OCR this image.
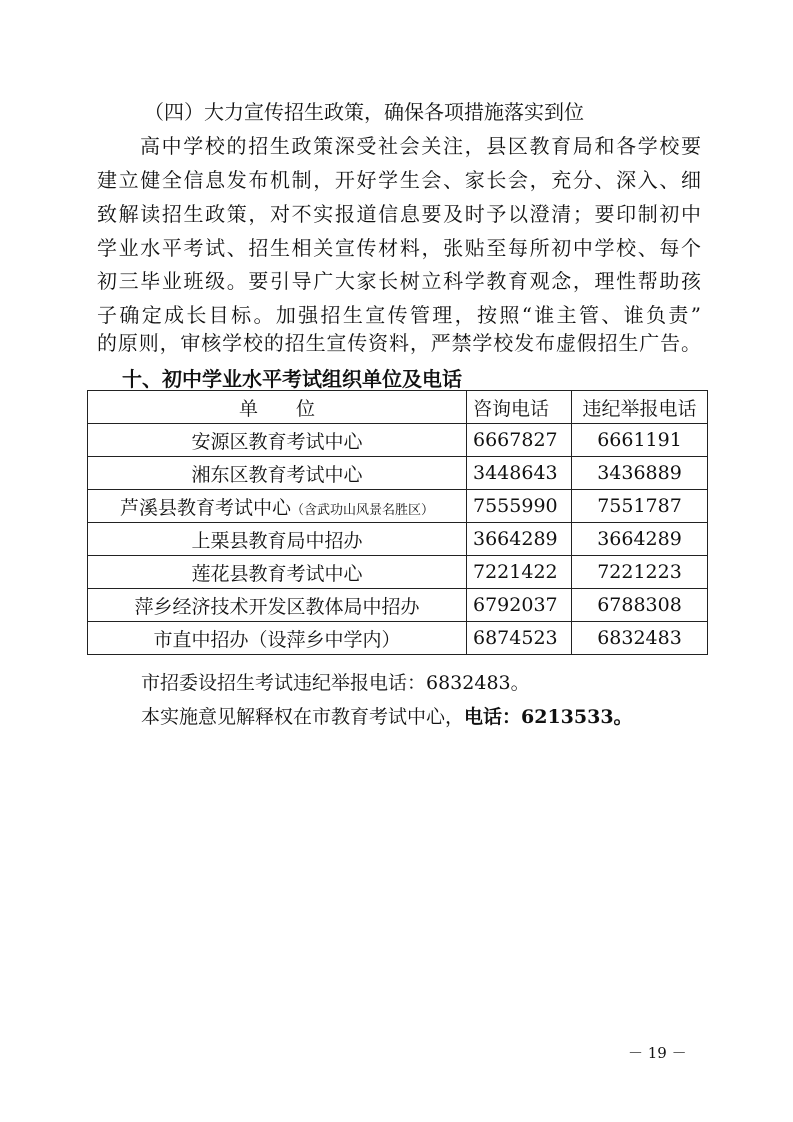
（四）大力宣传招生政策，确保各项措施落实到位
高中学校的招生政策深受社会关注，县区教育局和各学校要
建立健全信息发布机制，开好学生会、家长会，充分、深入、细
致解读招生政策，对不实报道信息要及时予以澄清；要印制初中
学业水平考试、招生相关宣传材料，张贴至每所初中学校、每个
初三毕业班级。要引导广大家长树立科学教育观念，理性帮助孩
子确定成长目标。加强招生宣传管理，按照“谁主管、谁负责”
的原则，审核学校的招生宣传资料，严禁学校发布虚假招生广告。
十、初中学业水平考试组织单位及电话
单　　位	咨询电话	违纪举报电话
安源区教育考试中心	6667827	6661191
湘东区教育考试中心	3448643	3436889
芦溪县教育考试中心（含武功山风景名胜区）	7555990	7551787
上栗县教育局中招办	3664289	3664289
莲花县教育考试中心	7221422	7221223
萍乡经济技术开发区教体局中招办	6792037	6788308
市直中招办（设萍乡中学内）	6874523	6832483
市招委设招生考试违纪举报电话：6832483。
本实施意见解释权在市教育考试中心，电话：6213533。
－ 19 －
